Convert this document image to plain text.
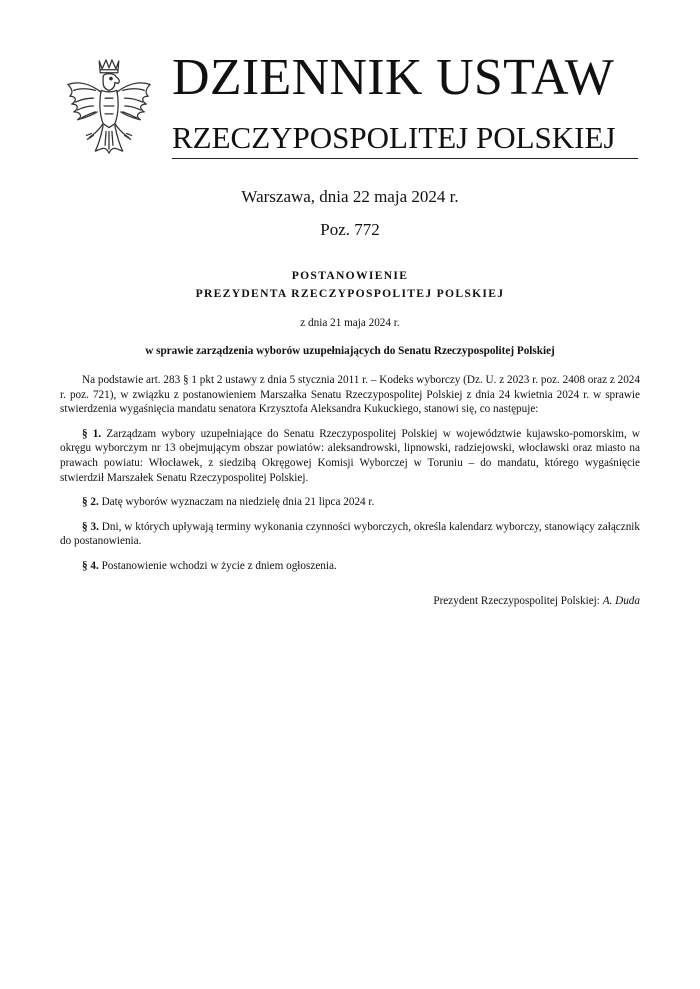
DZIENNIK USTAW
RZECZYPOSPOLITEJ POLSKIEJ
Warszawa, dnia 22 maja 2024 r.
Poz. 772
POSTANOWIENIE
PREZYDENTA RZECZYPOSPOLITEJ POLSKIEJ
z dnia 21 maja 2024 r.
w sprawie zarządzenia wyborów uzupełniających do Senatu Rzeczypospolitej Polskiej

Na podstawie art. 283 § 1 pkt 2 ustawy z dnia 5 stycznia 2011 r. – Kodeks wyborczy (Dz. U. z 2023 r. poz. 2408 oraz z 2024 r. poz. 721), w związku z postanowieniem Marszałka Senatu Rzeczypospolitej Polskiej z dnia 24 kwietnia 2024 r. w sprawie stwierdzenia wygaśnięcia mandatu senatora Krzysztofa Aleksandra Kukuckiego, stanowi się, co następuje:

§ 1. Zarządzam wybory uzupełniające do Senatu Rzeczypospolitej Polskiej w województwie kujawsko-pomorskim, w okręgu wyborczym nr 13 obejmującym obszar powiatów: aleksandrowski, lipnowski, radziejowski, włocławski oraz miasto na prawach powiatu: Włocławek, z siedzibą Okręgowej Komisji Wyborczej w Toruniu – do mandatu, którego wygaśnięcie stwierdził Marszałek Senatu Rzeczypospolitej Polskiej.

§ 2. Datę wyborów wyznaczam na niedzielę dnia 21 lipca 2024 r.

§ 3. Dni, w których upływają terminy wykonania czynności wyborczych, określa kalendarz wyborczy, stanowiący załącznik do postanowienia.

§ 4. Postanowienie wchodzi w życie z dniem ogłoszenia.

Prezydent Rzeczypospolitej Polskiej: A. Duda
